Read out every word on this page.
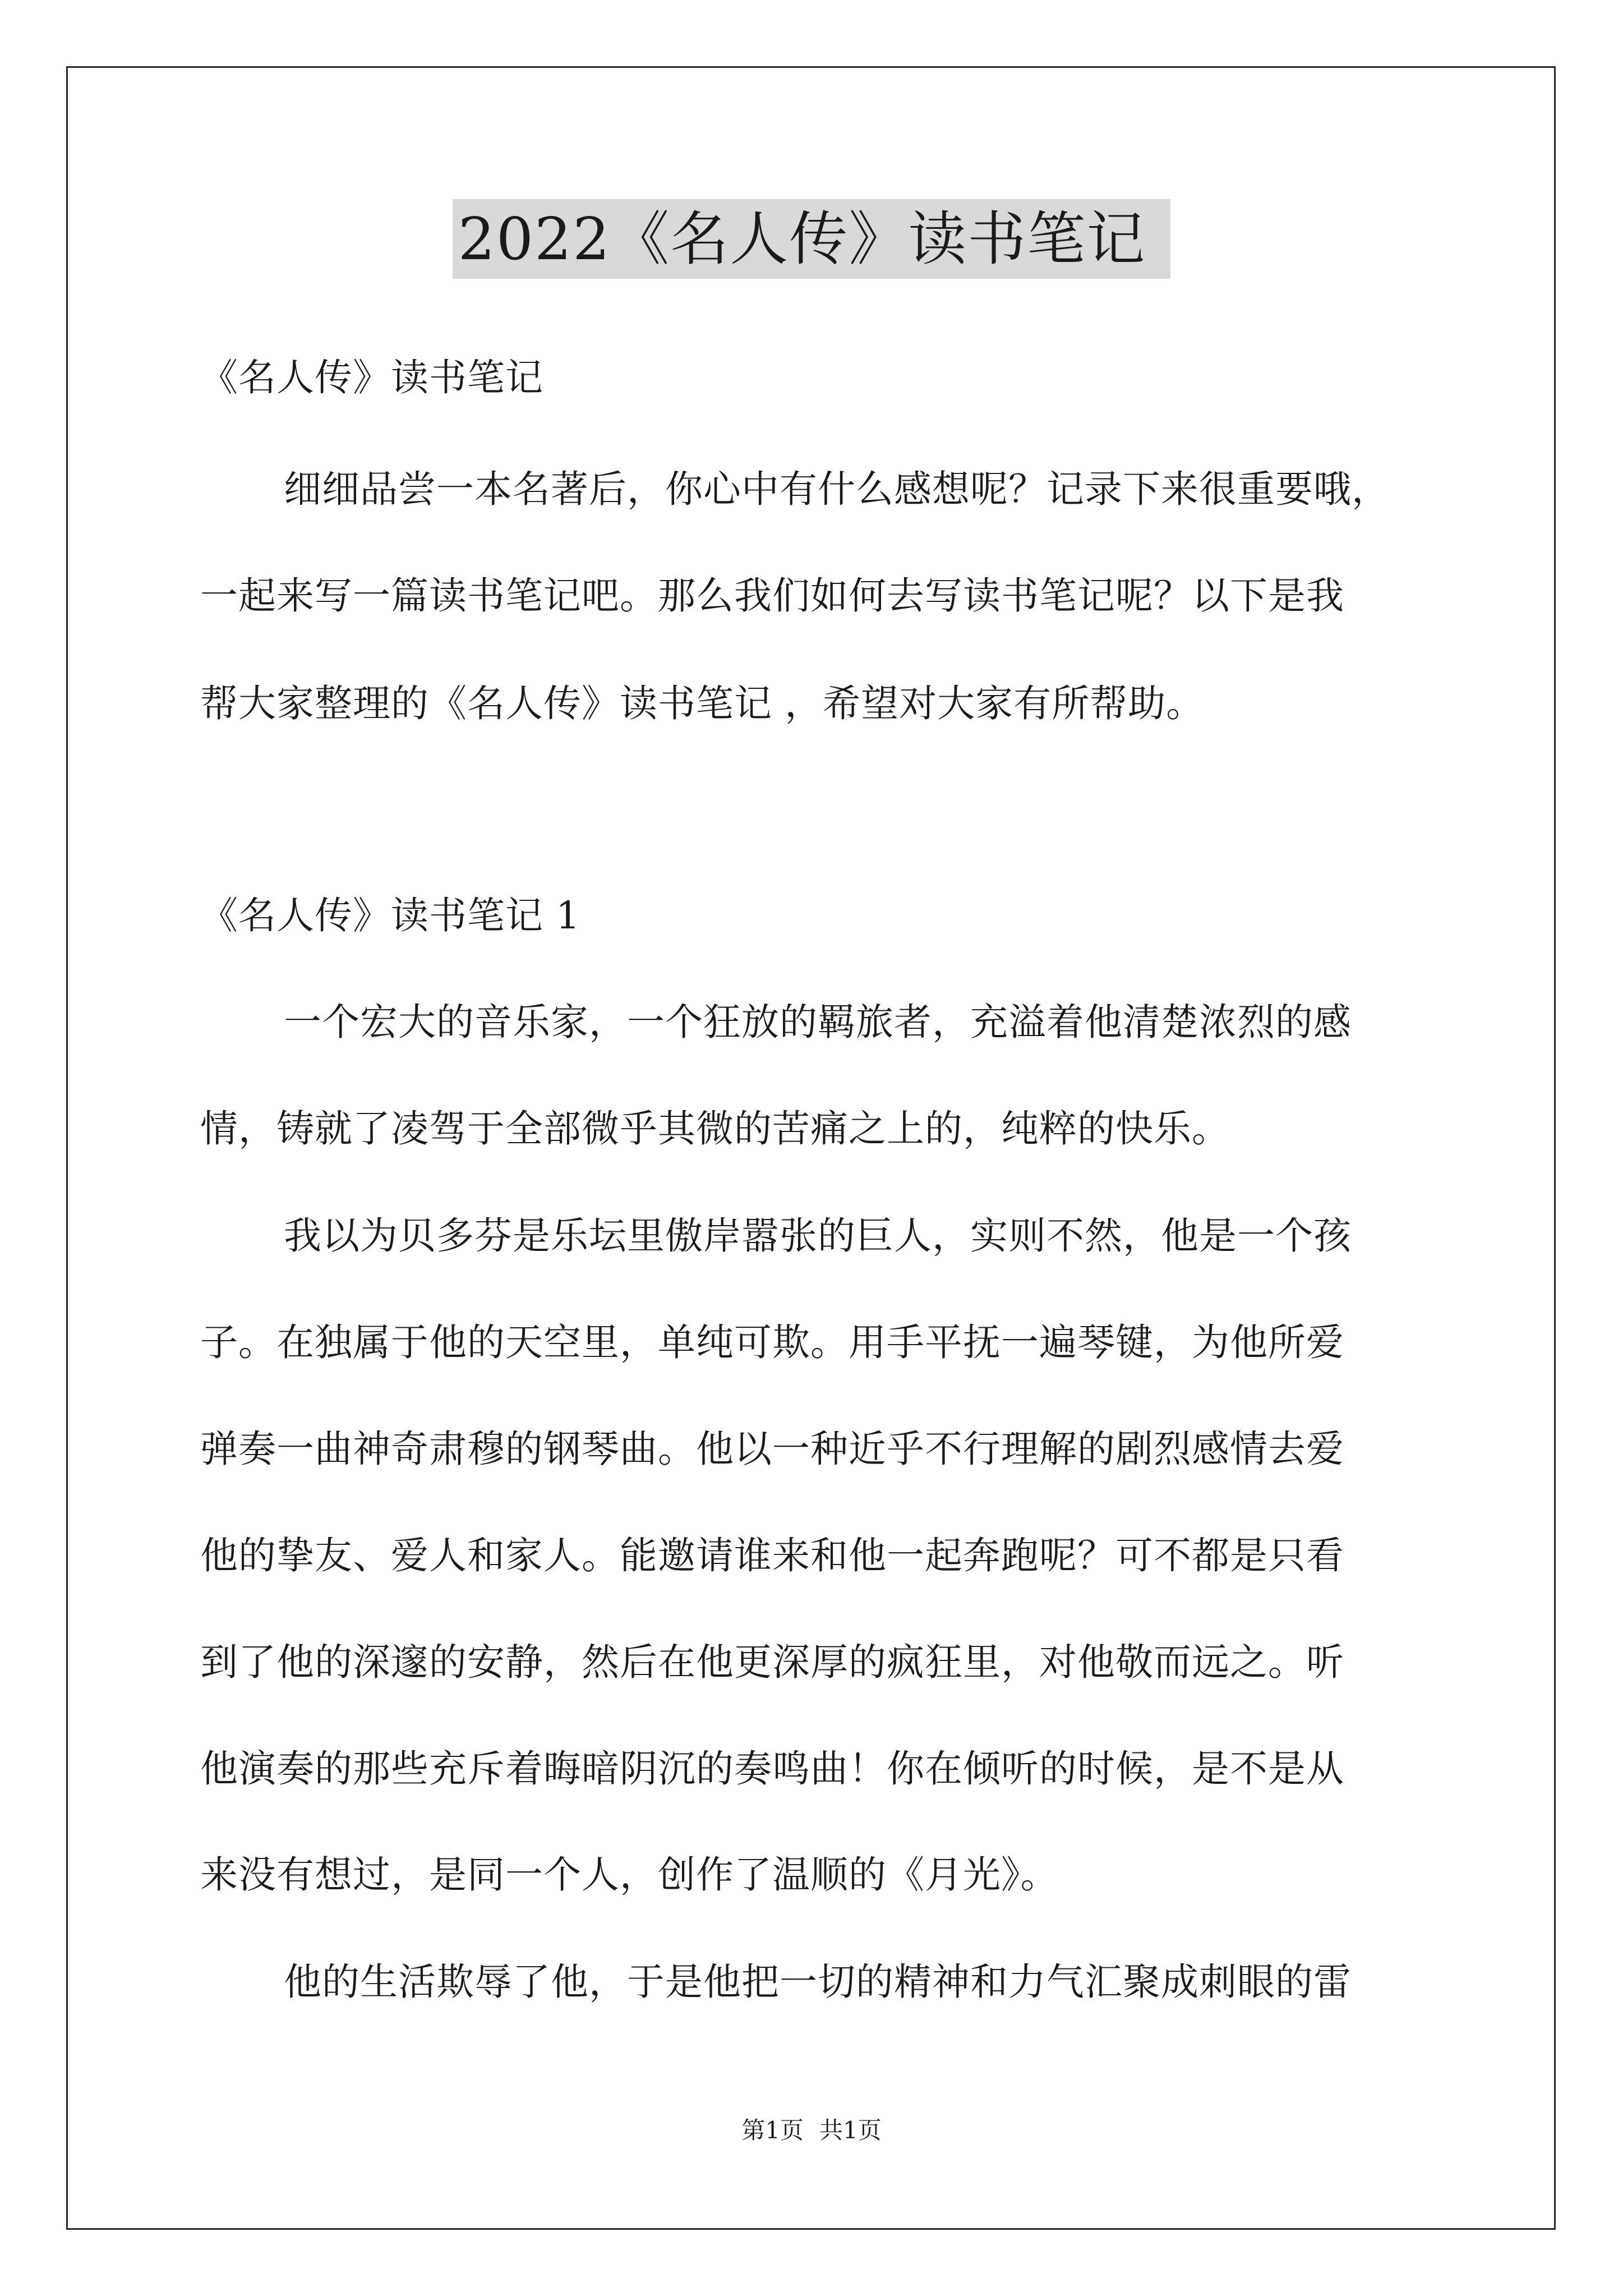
2022《名人传》读书笔记
《名人传》读书笔记
细细品尝一本名著后，你心中有什么感想呢？记录下来很重要哦，
一起来写一篇读书笔记吧。那么我们如何去写读书笔记呢？以下是我
帮大家整理的《名人传》读书笔记 ，希望对大家有所帮助。
《名人传》读书笔记 1
一个宏大的音乐家，一个狂放的羁旅者，充溢着他清楚浓烈的感
情，铸就了凌驾于全部微乎其微的苦痛之上的，纯粹的快乐。
我以为贝多芬是乐坛里傲岸嚣张的巨人，实则不然，他是一个孩
子。在独属于他的天空里，单纯可欺。用手平抚一遍琴键，为他所爱
弹奏一曲神奇肃穆的钢琴曲。他以一种近乎不行理解的剧烈感情去爱
他的挚友、爱人和家人。能邀请谁来和他一起奔跑呢？可不都是只看
到了他的深邃的安静，然后在他更深厚的疯狂里，对他敬而远之。听
他演奏的那些充斥着晦暗阴沉的奏鸣曲！你在倾听的时候，是不是从
来没有想过，是同一个人，创作了温顺的《月光》。
他的生活欺辱了他，于是他把一切的精神和力气汇聚成刺眼的雷
第1页 共1页
